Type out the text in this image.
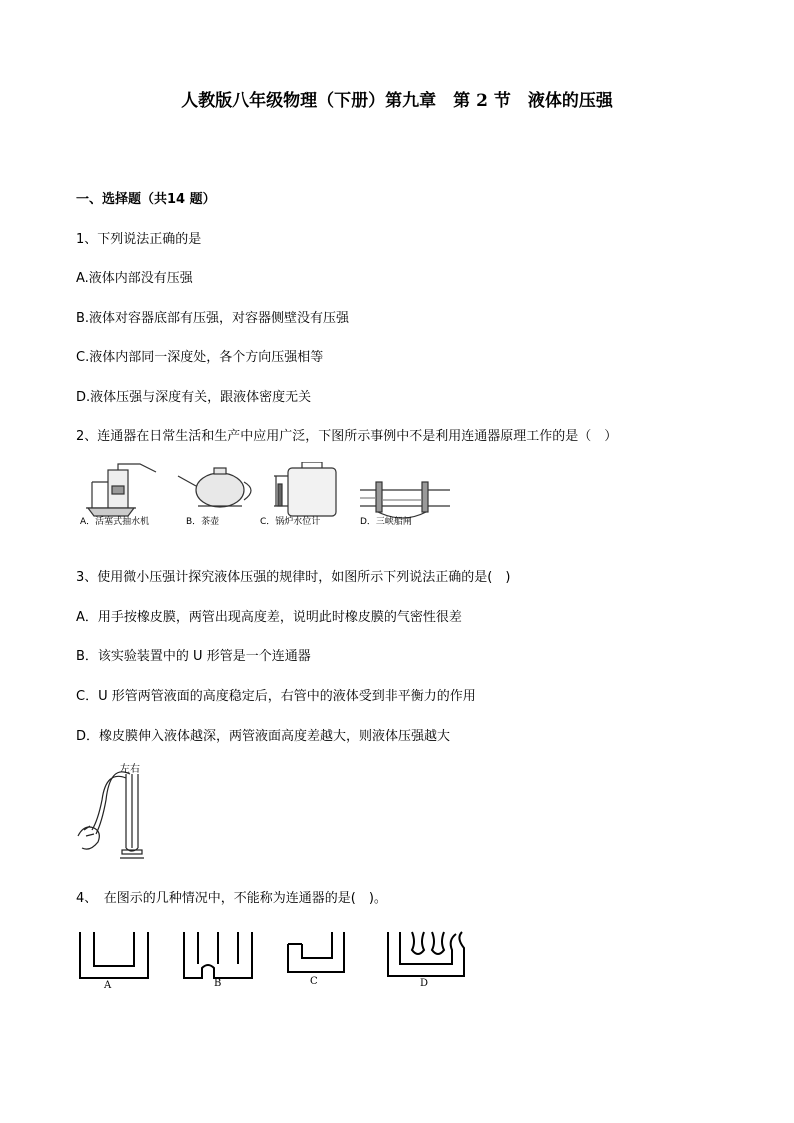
人教版八年级物理（下册）第九章　第 2 节　液体的压强
一、选择题（共14 题）
1、下列说法正确的是
A.液体内部没有压强
B.液体对容器底部有压强，对容器侧壁没有压强
C.液体内部同一深度处，各个方向压强相等
D.液体压强与深度有关，跟液体密度无关
2、连通器在日常生活和生产中应用广泛，下图所示事例中不是利用连通器原理工作的是（　）
A．活塞式抽水机	B．茶壶	C．锅炉水位计	D．三峡船闸
3、使用微小压强计探究液体压强的规律时，如图所示下列说法正确的是(　)
A．用手按橡皮膜，两管出现高度差，说明此时橡皮膜的气密性很差
B．该实验装置中的 U 形管是一个连通器
C．U 形管两管液面的高度稳定后，右管中的液体受到非平衡力的作用
D．橡皮膜伸入液体越深，两管液面高度差越大，则液体压强越大
左右
4、　在图示的几种情况中，不能称为连通器的是(　)。
A	B	C	D
